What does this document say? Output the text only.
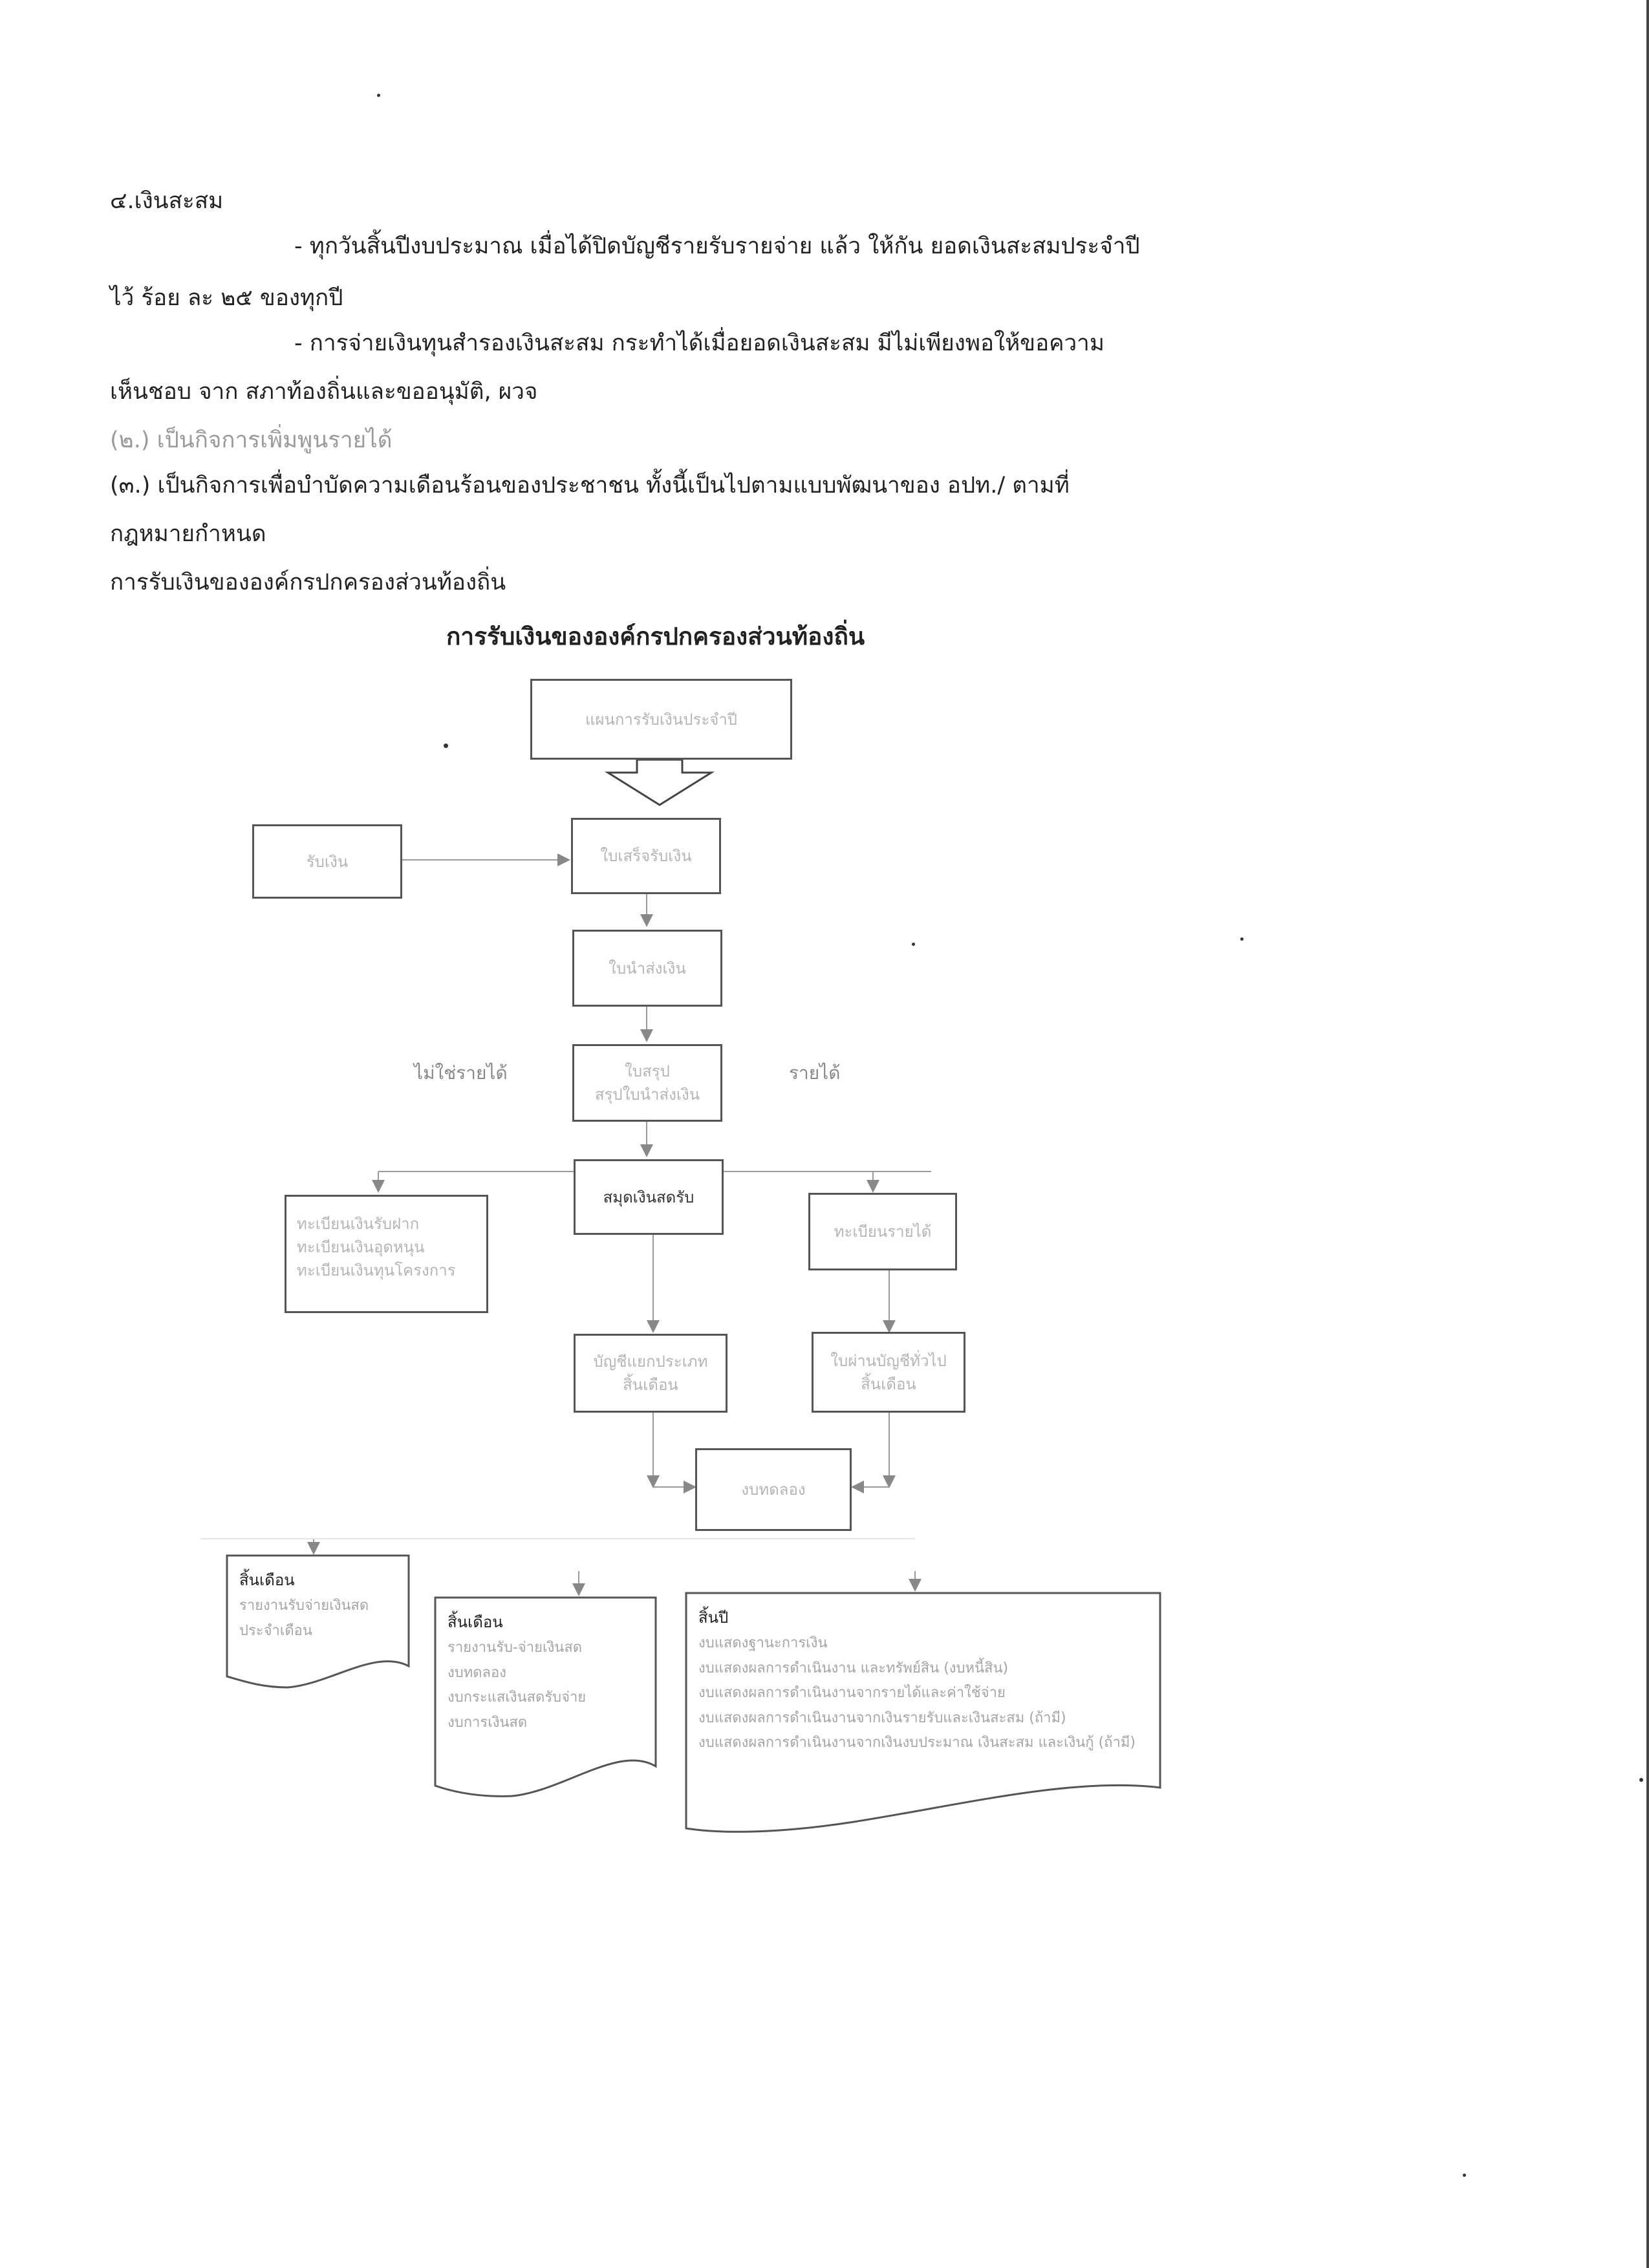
๔.เงินสะสม
- ทุกวันสิ้นปีงบประมาณ เมื่อได้ปิดบัญชีรายรับรายจ่าย แล้ว ให้กัน ยอดเงินสะสมประจำปี
ไว้ ร้อย ละ ๒๕ ของทุกปี
- การจ่ายเงินทุนสำรองเงินสะสม กระทำได้เมื่อยอดเงินสะสม มีไม่เพียงพอให้ขอความ
เห็นชอบ จาก สภาท้องถิ่นและขออนุมัติ, ผวจ
(๒.) เป็นกิจการเพิ่มพูนรายได้
(๓.) เป็นกิจการเพื่อบำบัดความเดือนร้อนของประชาชน ทั้งนี้เป็นไปตามแบบพัฒนาของ อปท./ ตามที่
กฎหมายกำหนด
การรับเงินขององค์กรปกครองส่วนท้องถิ่น
การรับเงินขององค์กรปกครองส่วนท้องถิ่น
แผนการรับเงินประจำปี
รับเงิน	ใบเสร็จรับเงิน
ใบนำส่งเงิน
ใบสรุป
สรุปใบนำส่งเงิน
ไม่ใช่รายได้	รายได้
สมุดเงินสดรับ
ทะเบียนเงินรับฝาก
ทะเบียนเงินอุดหนุน
ทะเบียนเงินทุนโครงการ
ทะเบียนรายได้
บัญชีแยกประเภท
สิ้นเดือน
ใบผ่านบัญชีทั่วไป
สิ้นเดือน
งบทดลอง
สิ้นเดือน
รายงานรับจ่ายเงินสด
ประจำเดือน	สิ้นเดือน
รายงานรับ-จ่ายเงินสด
งบทดลอง
งบกระแสเงินสดรับจ่าย
งบการเงินสด
สิ้นปี
งบแสดงฐานะการเงิน
งบแสดงผลการดำเนินงาน และทรัพย์สิน (งบหนี้สิน)
งบแสดงผลการดำเนินงานจากรายได้และค่าใช้จ่าย
งบแสดงผลการดำเนินงานจากเงินรายรับและเงินสะสม (ถ้ามี)
งบแสดงผลการดำเนินงานจากเงินงบประมาณ เงินสะสม และเงินกู้ (ถ้ามี)
